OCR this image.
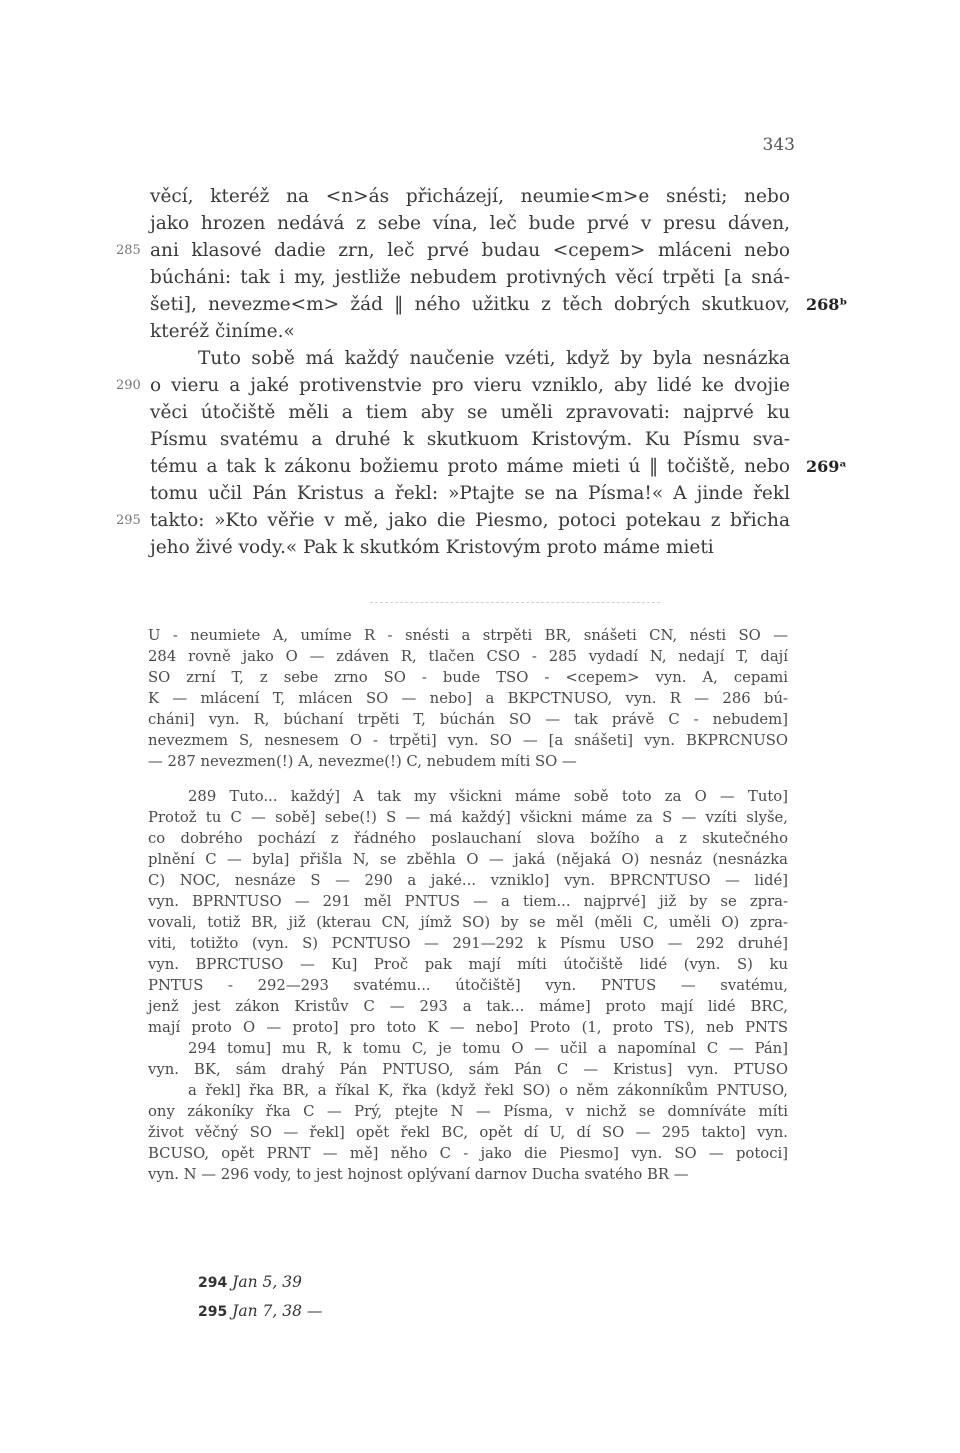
343
věcí, kteréž na <n>ás přicházejí, neumie<m>e snésti; nebo
jako hrozen nedává z sebe vína, leč bude prvé v presu dáven,
285 ani klasové dadie zrn, leč prvé budau <cepem> mláceni nebo
búcháni: tak i my, jestliže nebudem protivných věcí trpěti [a sná-
šeti], nevezme<m> žád ‖ ného užitku z těch dobrých skutkuov, 268ᵇ
kteréž činíme.«
Tuto sobě má každý naučenie vzéti, když by byla nesnázka
290 o vieru a jaké protivenstvie pro vieru vzniklo, aby lidé ke dvojie
věci útočiště měli a tiem aby se uměli zpravovati: najprvé ku
Písmu svatému a druhé k skutkuom Kristovým. Ku Písmu sva-
tému a tak k zákonu božiemu proto máme mieti ú ‖ točiště, nebo 269ᵃ
tomu učil Pán Kristus a řekl: »Ptajte se na Písma!« A jinde řekl
295 takto: »Kto věřie v mě, jako die Piesmo, potoci potekau z břicha
jeho živé vody.« Pak k skutkóm Kristovým proto máme mieti
U - neumiete A, umíme R - snésti a strpěti BR, snášeti CN, nésti SO —
284 rovně jako O — zdáven R, tlačen CSO - 285 vydadí N, nedají T, dají
SO zrní T, z sebe zrno SO - bude TSO - <cepem> vyn. A, cepami
K — mlácení T, mlácen SO — nebo] a BKPCTNUSO, vyn. R — 286 bú-
cháni] vyn. R, búchaní trpěti T, búchán SO — tak právě C - nebudem]
nevezmem S, nesnesem O - trpěti] vyn. SO — [a snášeti] vyn. BKPRCNUSO
— 287 nevezmen(!) A, nevezme(!) C, nebudem míti SO —
289 Tuto... každý] A tak my všickni máme sobě toto za O — Tuto]
Protož tu C — sobě] sebe(!) S — má každý] všickni máme za S — vzíti slyše,
co dobrého pochází z řádného poslauchaní slova božího a z skutečného
plnění C — byla] přišla N, se zběhla O — jaká (nějaká O) nesnáz (nesnázka
C) NOC, nesnáze S — 290 a jaké... vzniklo] vyn. BPRCNTUSO — lidé]
vyn. BPRNTUSO — 291 měl PNTUS — a tiem... najprvé] již by se zpra-
vovali, totiž BR, již (kterau CN, jímž SO) by se měl (měli C, uměli O) zpra-
viti, totižto (vyn. S) PCNTUSO — 291—292 k Písmu USO — 292 druhé]
vyn. BPRCTUSO — Ku] Proč pak mají míti útočiště lidé (vyn. S) ku
PNTUS - 292—293 svatému... útočiště] vyn. PNTUS — svatému,
jenž jest zákon Kristův C — 293 a tak... máme] proto mají lidé BRC,
mají proto O — proto] pro toto K — nebo] Proto (1, proto TS), neb PNTS
294 tomu] mu R, k tomu C, je tomu O — učil a napomínal C — Pán]
vyn. BK, sám drahý Pán PNTUSO, sám Pán C — Kristus] vyn. PTUSO
a řekl] řka BR, a říkal K, řka (když řekl SO) o něm zákonníkům PNTUSO,
ony zákoníky řka C — Prý, ptejte N — Písma, v nichž se domníváte míti
život věčný SO — řekl] opět řekl BC, opět dí U, dí SO — 295 takto] vyn.
BCUSO, opět PRNT — mě] něho C - jako die Piesmo] vyn. SO — potoci]
vyn. N — 296 vody, to jest hojnost oplývaní darnov Ducha svatého BR —
294 Jan 5, 39
295 Jan 7, 38 —
